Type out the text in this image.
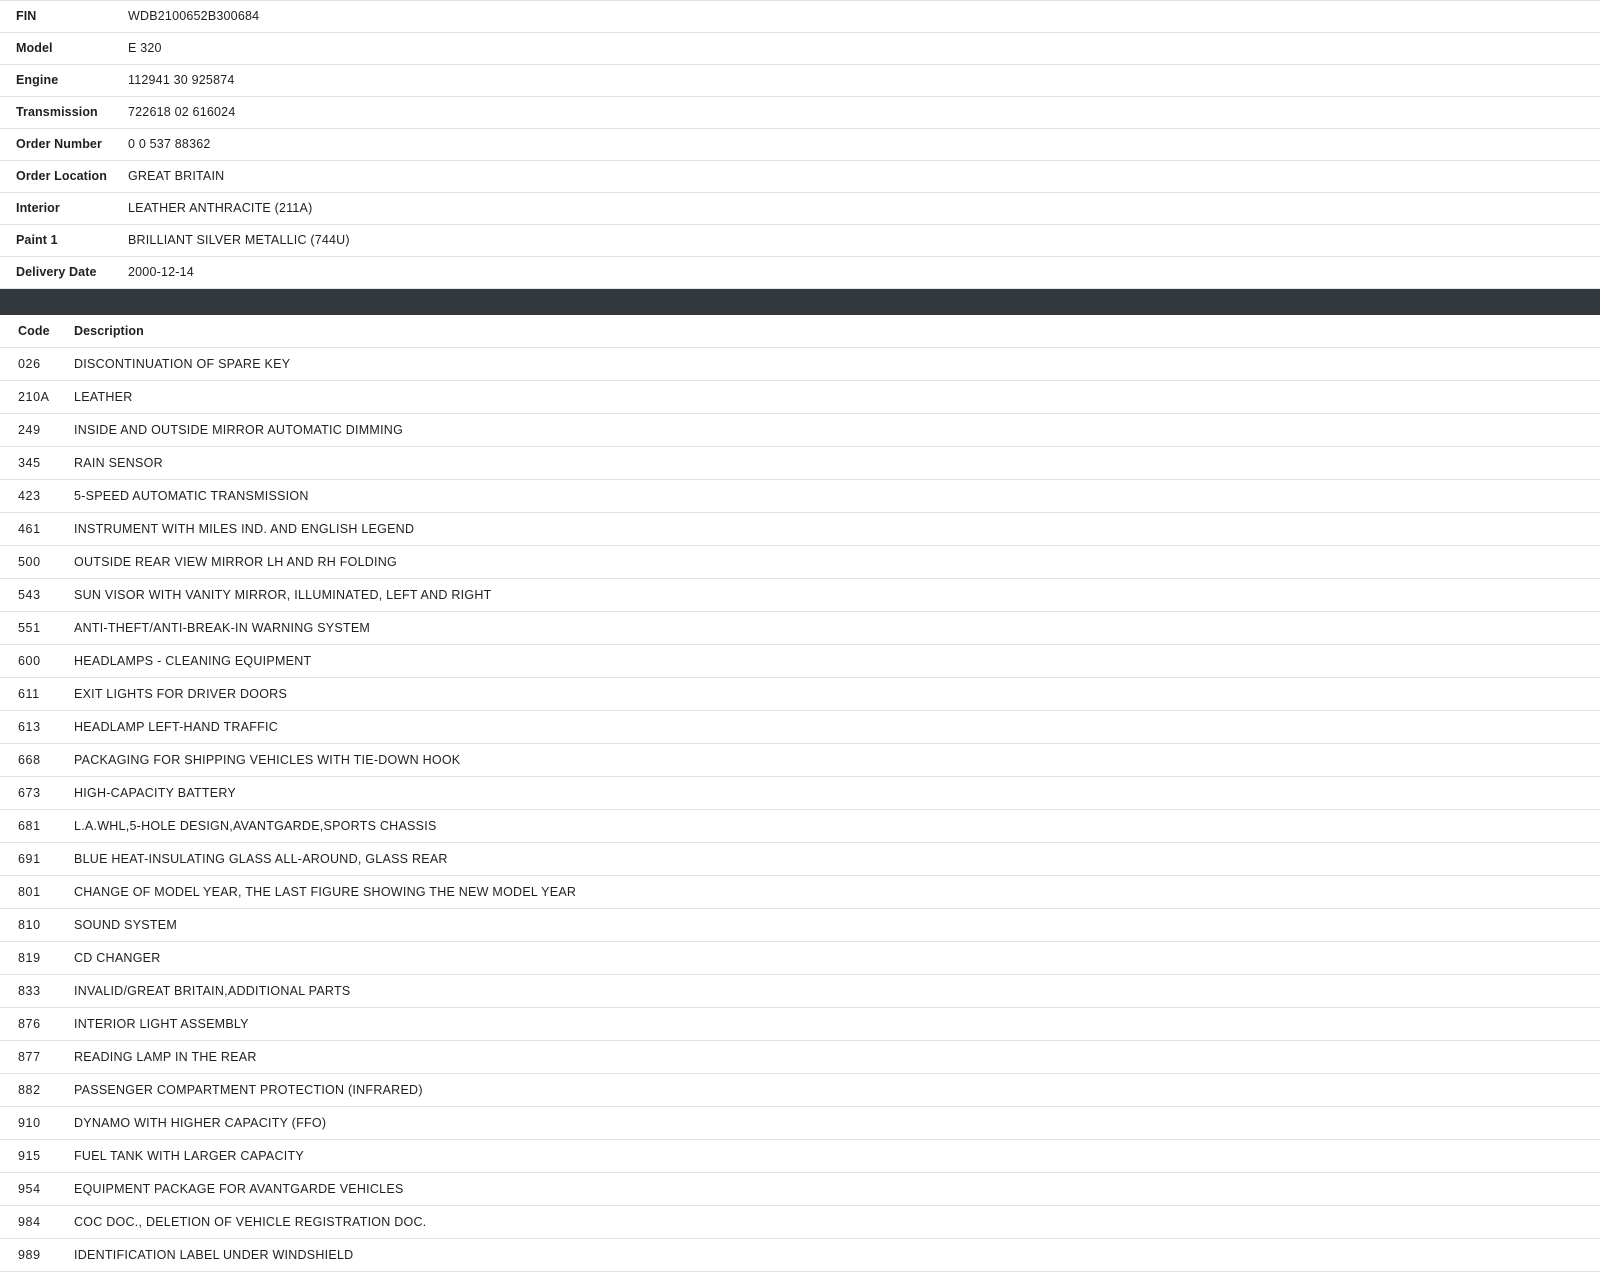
FIN	WDB2100652B300684
Model	E 320
Engine	112941 30 925874
Transmission	722618 02 616024
Order Number	0 0 537 88362
Order Location	GREAT BRITAIN
Interior	LEATHER ANTHRACITE (211A)
Paint 1	BRILLIANT SILVER METALLIC (744U)
Delivery Date	2000-12-14
Code	Description
026	DISCONTINUATION OF SPARE KEY
210A	LEATHER
249	INSIDE AND OUTSIDE MIRROR AUTOMATIC DIMMING
345	RAIN SENSOR
423	5-SPEED AUTOMATIC TRANSMISSION
461	INSTRUMENT WITH MILES IND. AND ENGLISH LEGEND
500	OUTSIDE REAR VIEW MIRROR LH AND RH FOLDING
543	SUN VISOR WITH VANITY MIRROR, ILLUMINATED, LEFT AND RIGHT
551	ANTI-THEFT/ANTI-BREAK-IN WARNING SYSTEM
600	HEADLAMPS - CLEANING EQUIPMENT
611	EXIT LIGHTS FOR DRIVER DOORS
613	HEADLAMP LEFT-HAND TRAFFIC
668	PACKAGING FOR SHIPPING VEHICLES WITH TIE-DOWN HOOK
673	HIGH-CAPACITY BATTERY
681	L.A.WHL,5-HOLE DESIGN,AVANTGARDE,SPORTS CHASSIS
691	BLUE HEAT-INSULATING GLASS ALL-AROUND, GLASS REAR
801	CHANGE OF MODEL YEAR, THE LAST FIGURE SHOWING THE NEW MODEL YEAR
810	SOUND SYSTEM
819	CD CHANGER
833	INVALID/GREAT BRITAIN,ADDITIONAL PARTS
876	INTERIOR LIGHT ASSEMBLY
877	READING LAMP IN THE REAR
882	PASSENGER COMPARTMENT PROTECTION (INFRARED)
910	DYNAMO WITH HIGHER CAPACITY (FFO)
915	FUEL TANK WITH LARGER CAPACITY
954	EQUIPMENT PACKAGE FOR AVANTGARDE VEHICLES
984	COC DOC., DELETION OF VEHICLE REGISTRATION DOC.
989	IDENTIFICATION LABEL UNDER WINDSHIELD
